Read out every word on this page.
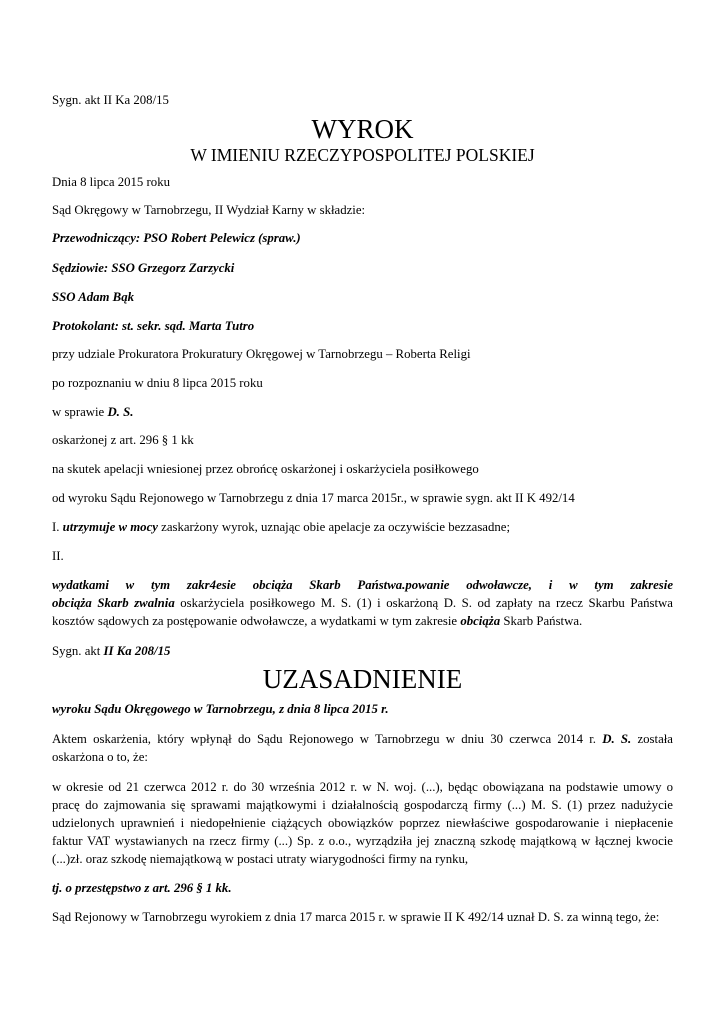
Sygn. akt II Ka 208/15
WYROK
W IMIENIU RZECZYPOSPOLITEJ POLSKIEJ
Dnia 8 lipca 2015 roku
Sąd Okręgowy w Tarnobrzegu, II Wydział Karny w składzie:
Przewodniczący: PSO Robert Pelewicz (spraw.)
Sędziowie: SSO Grzegorz Zarzycki
SSO Adam Bąk
Protokolant: st. sekr. sąd. Marta Tutro
przy udziale Prokuratora Prokuratury Okręgowej w Tarnobrzegu – Roberta Religi
po rozpoznaniu w dniu 8 lipca 2015 roku
w sprawie D. S.
oskarżonej z art. 296 § 1 kk
na skutek apelacji wniesionej przez obrońcę oskarżonej i oskarżyciela posiłkowego
od wyroku Sądu Rejonowego w Tarnobrzegu z dnia 17 marca 2015r., w sprawie sygn. akt II K 492/14
I. utrzymuje w mocy zaskarżony wyrok, uznając obie apelacje za oczywiście bezzasadne;
II.
wydatkami w tym zakr4esie obciąża Skarb Państwa.powanie odwoławcze, i w tym zakresie
obciąża Skarb zwalnia oskarżyciela posiłkowego M. S. (1) i oskarżoną D. S. od zapłaty na rzecz Skarbu Państwa
kosztów sądowych za postępowanie odwoławcze, a wydatkami w tym zakresie obciąża Skarb Państwa.
Sygn. akt II Ka 208/15
UZASADNIENIE
wyroku Sądu Okręgowego w Tarnobrzegu, z dnia 8 lipca 2015 r.
Aktem oskarżenia, który wpłynął do Sądu Rejonowego w Tarnobrzegu w dniu 30 czerwca 2014 r. D. S. została
oskarżona o to, że:
w okresie od 21 czerwca 2012 r. do 30 września 2012 r. w N. woj. (...), będąc obowiązana na podstawie umowy o
pracę do zajmowania się sprawami majątkowymi i działalnością gospodarczą firmy (...) M. S. (1) przez nadużycie
udzielonych uprawnień i niedopełnienie ciążących obowiązków poprzez niewłaściwe gospodarowanie i niepłacenie
faktur VAT wystawianych na rzecz firmy (...) Sp. z o.o., wyrządziła jej znaczną szkodę majątkową w łącznej kwocie
(...)zł. oraz szkodę niemajątkową w postaci utraty wiarygodności firmy na rynku,
tj. o przestępstwo z art. 296 § 1 kk.
Sąd Rejonowy w Tarnobrzegu wyrokiem z dnia 17 marca 2015 r. w sprawie II K 492/14 uznał D. S. za winną tego, że:
